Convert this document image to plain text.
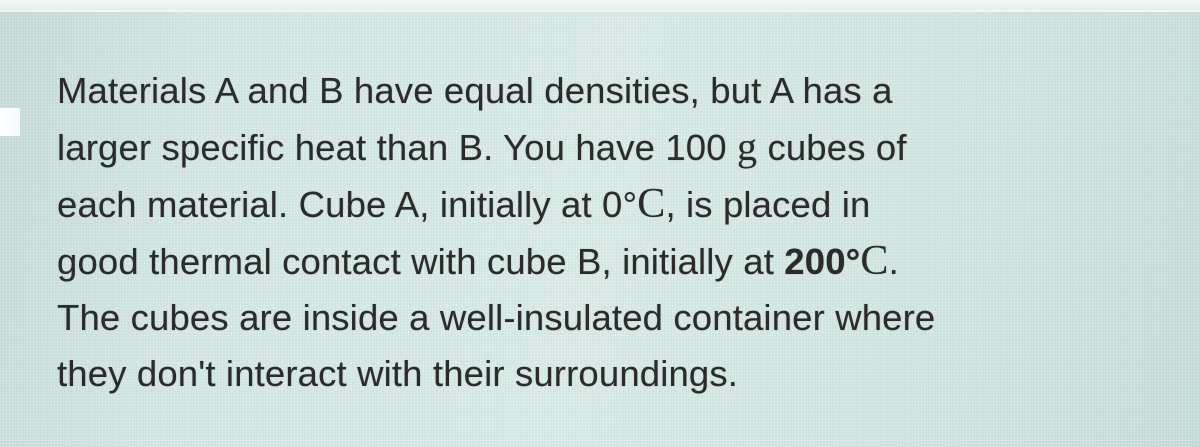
Materials A and B have equal densities, but A has a
larger specific heat than B. You have 100 g cubes of
each material. Cube A, initially at 0°C, is placed in
good thermal contact with cube B, initially at 200°C.
The cubes are inside a well-insulated container where
they don't interact with their surroundings.
